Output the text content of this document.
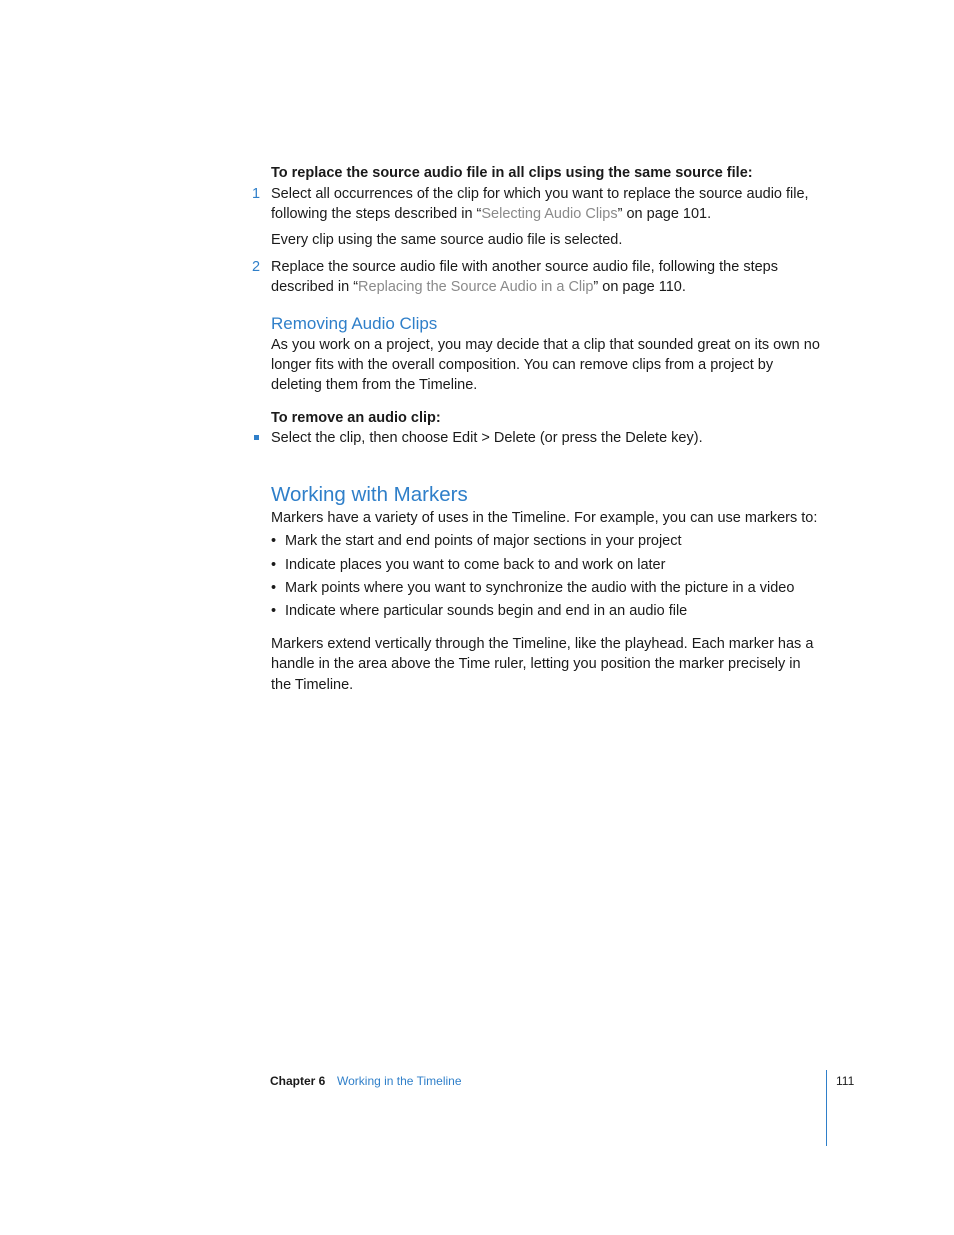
To replace the source audio file in all clips using the same source file:
1 Select all occurrences of the clip for which you want to replace the source audio file,
following the steps described in “Selecting Audio Clips” on page 101.
Every clip using the same source audio file is selected.
2 Replace the source audio file with another source audio file, following the steps
described in “Replacing the Source Audio in a Clip” on page 110.
Removing Audio Clips
As you work on a project, you may decide that a clip that sounded great on its own no
longer fits with the overall composition. You can remove clips from a project by
deleting them from the Timeline.
To remove an audio clip:
Select the clip, then choose Edit > Delete (or press the Delete key).
Working with Markers
Markers have a variety of uses in the Timeline. For example, you can use markers to:
• Mark the start and end points of major sections in your project
• Indicate places you want to come back to and work on later
• Mark points where you want to synchronize the audio with the picture in a video
• Indicate where particular sounds begin and end in an audio file
Markers extend vertically through the Timeline, like the playhead. Each marker has a
handle in the area above the Time ruler, letting you position the marker precisely in
the Timeline.
Chapter 6 Working in the Timeline	111
